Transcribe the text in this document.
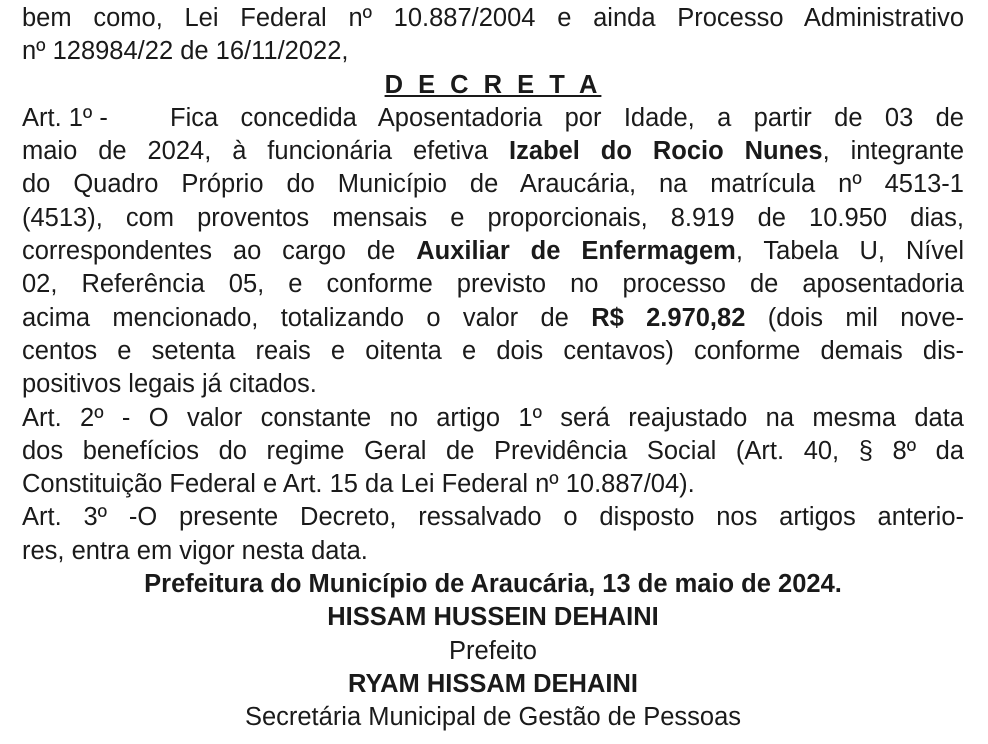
bem como, Lei Federal nº 10.887/2004 e ainda Processo Administrativo
nº 128984/22 de 16/11/2022,
D E C R E T A
Art. 1º -	Fica concedida Aposentadoria por Idade, a partir de 03 de
maio de 2024, à funcionária efetiva Izabel do Rocio Nunes, integrante
do Quadro Próprio do Município de Araucária, na matrícula nº 4513-1
(4513), com proventos mensais e proporcionais, 8.919 de 10.950 dias,
correspondentes ao cargo de Auxiliar de Enfermagem, Tabela U, Nível
02, Referência 05, e conforme previsto no processo de aposentadoria
acima mencionado, totalizando o valor de R$ 2.970,82 (dois mil nove-
centos e setenta reais e oitenta e dois centavos) conforme demais dis-
positivos legais já citados.
Art. 2º - O valor constante no artigo 1º será reajustado na mesma data
dos benefícios do regime Geral de Previdência Social (Art. 40, § 8º da
Constituição Federal e Art. 15 da Lei Federal nº 10.887/04).
Art. 3º -O presente Decreto, ressalvado o disposto nos artigos anterio-
res, entra em vigor nesta data.
Prefeitura do Município de Araucária, 13 de maio de 2024.
HISSAM HUSSEIN DEHAINI
Prefeito
RYAM HISSAM DEHAINI
Secretária Municipal de Gestão de Pessoas
